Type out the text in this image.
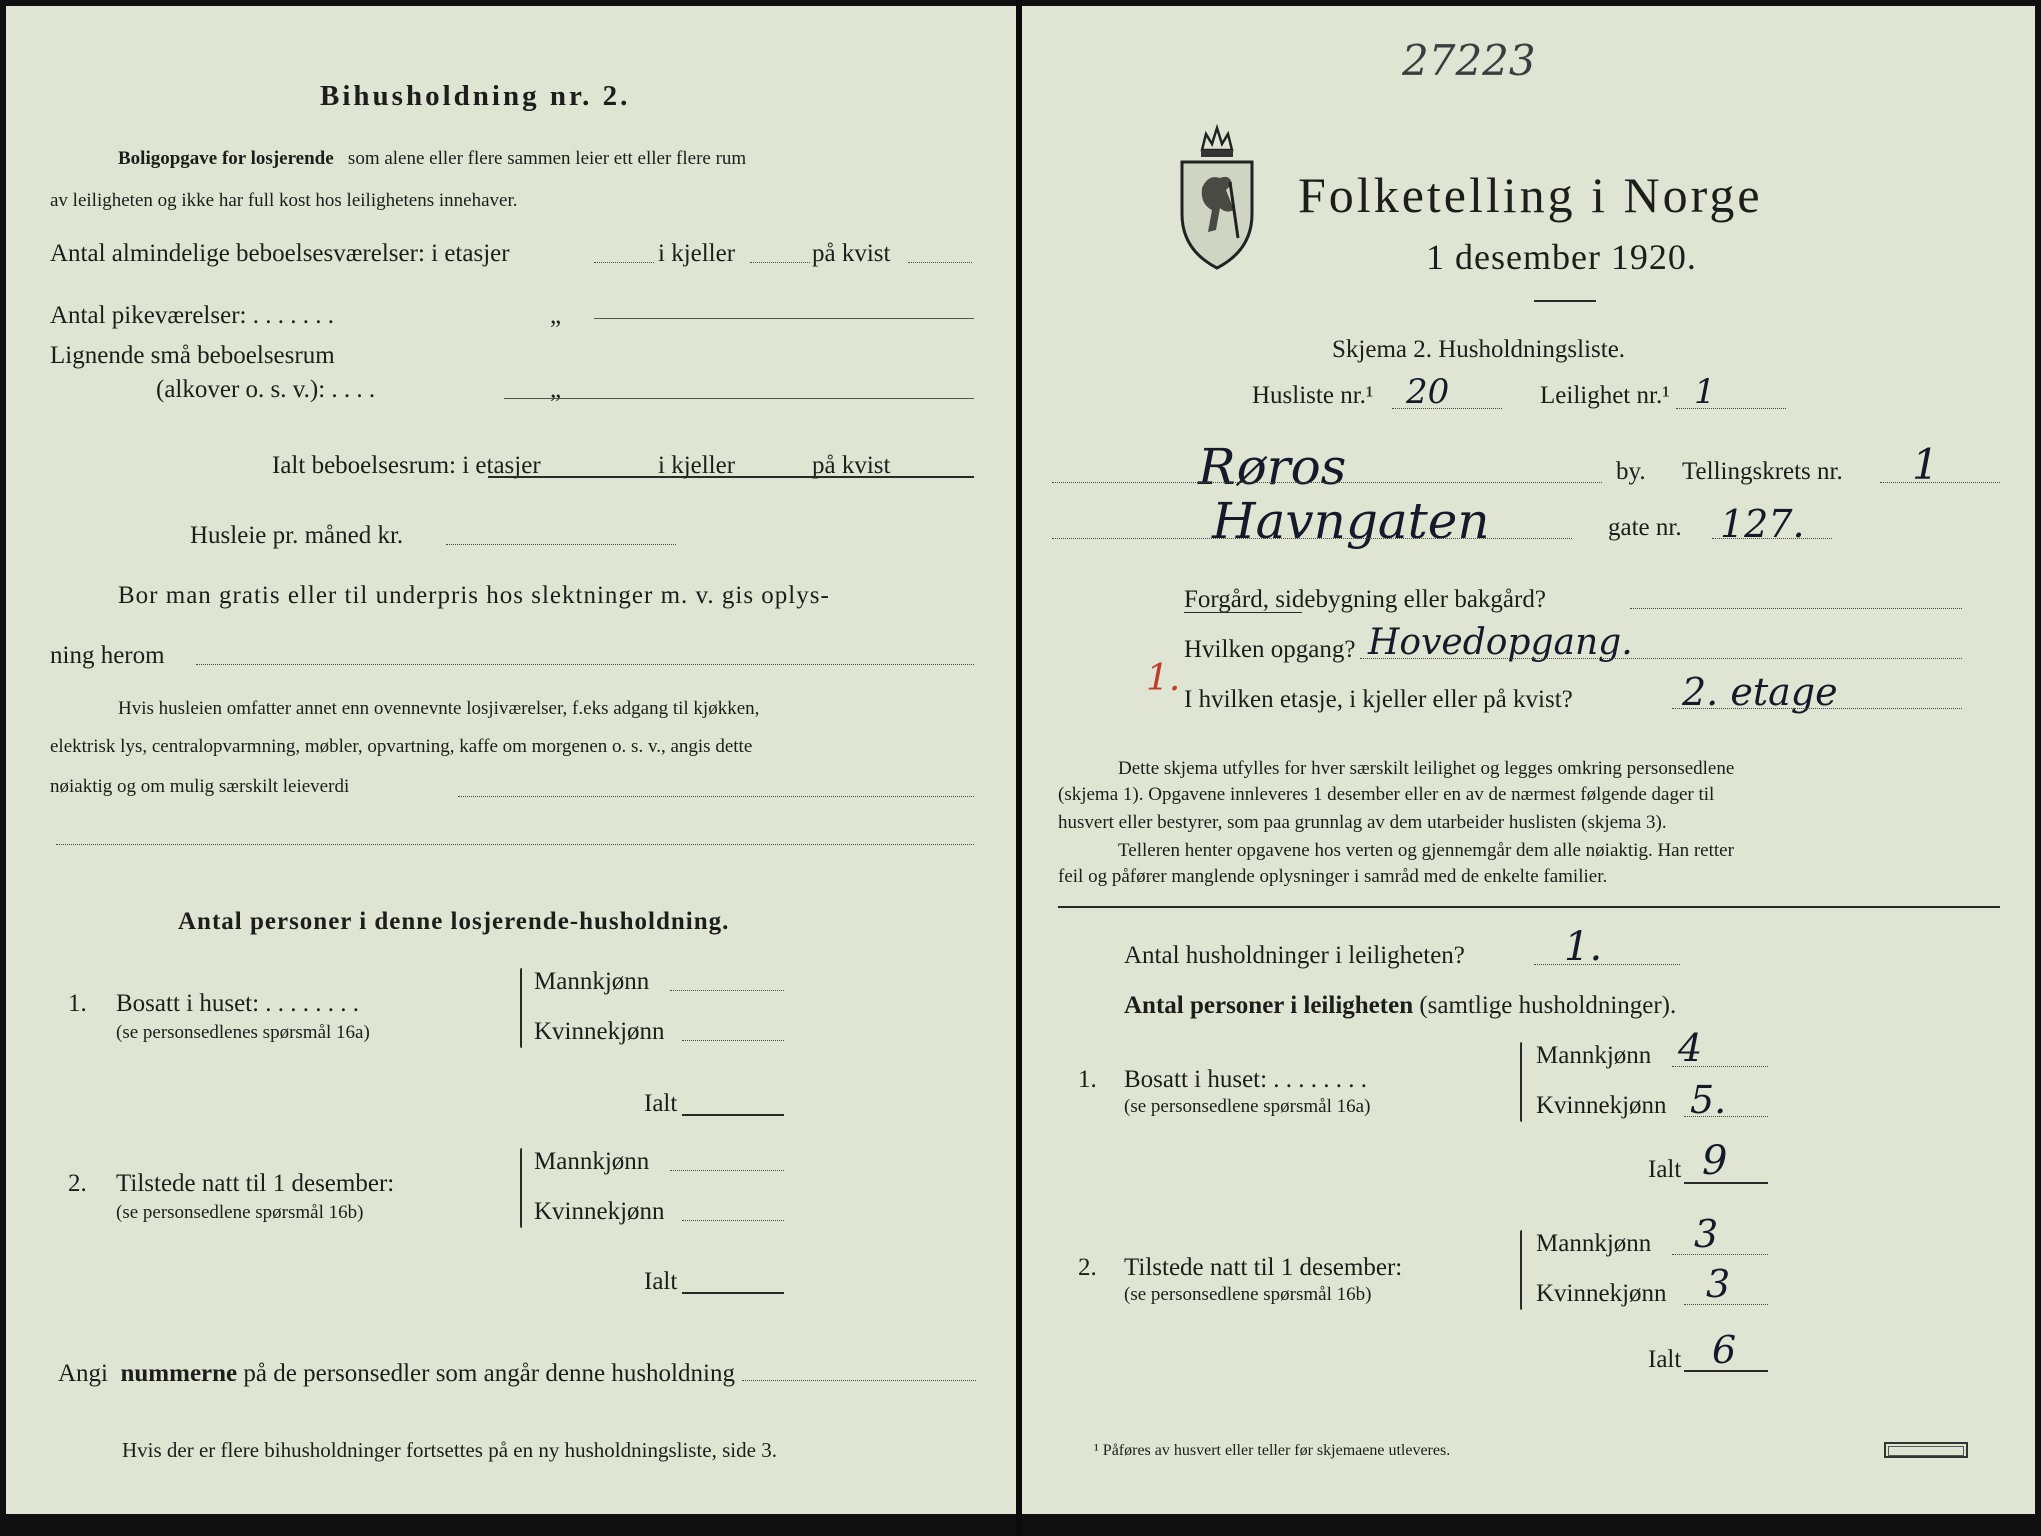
Bihusholdning nr. 2.
Boligopgave for losjerende som alene eller flere sammen leier ett eller flere rum
av leiligheten og ikke har full kost hos leilighetens innehaver.
Antal almindelige beboelsesværelser: i etasjer	i kjeller	på kvist
Antal pikeværelser: . . . . . . .	„
Lignende små beboelsesrum
(alkover o. s. v.): . . . .	„
Ialt beboelsesrum: i etasjer	i kjeller	på kvist
Husleie pr. måned kr.
Bor man gratis eller til underpris hos slektninger m. v. gis oplys-
ning herom
Hvis husleien omfatter annet enn ovennevnte losjiværelser, f.eks adgang til kjøkken,
elektrisk lys, centralopvarmning, møbler, opvartning, kaffe om morgenen o. s. v., angis dette
nøiaktig og om mulig særskilt leieverdi
Antal personer i denne losjerende-husholdning.
1. Bosatt i huset: . . . . . . . .
(se personsedlenes spørsmål 16a)
Mannkjønn
Kvinnekjønn
Ialt
2. Tilstede natt til 1 desember:
(se personsedlene spørsmål 16b)
Mannkjønn
Kvinnekjønn
Ialt
Angi nummerne på de personsedler som angår denne husholdning
Hvis der er flere bihusholdninger fortsettes på en ny husholdningsliste, side 3.
27223
Folketelling i Norge
1 desember 1920.
Skjema 2. Husholdningsliste.
Husliste nr.¹ 20	Leilighet nr.¹ 1
Røros	by. Tellingskrets nr. 1
Havngaten	gate nr. 127.
Forgård, sidebygning eller bakgård?
Hvilken opgang? Hovedopgang.
1.
I hvilken etasje, i kjeller eller på kvist?	2. etage
Dette skjema utfylles for hver særskilt leilighet og legges omkring personsedlene
(skjema 1). Opgavene innleveres 1 desember eller en av de nærmest følgende dager til
husvert eller bestyrer, som paa grunnlag av dem utarbeider huslisten (skjema 3).
Telleren henter opgavene hos verten og gjennemgår dem alle nøiaktig. Han retter
feil og påfører manglende oplysninger i samråd med de enkelte familier.
Antal husholdninger i leiligheten? 1.
Antal personer i leiligheten (samtlige husholdninger).
1. Bosatt i huset: . . . . . . . .
(se personsedlene spørsmål 16a)
Mannkjønn 4
Kvinnekjønn 5.
Ialt 9
2. Tilstede natt til 1 desember:
(se personsedlene spørsmål 16b)
Mannkjønn 3
Kvinnekjønn 3
Ialt 6
¹ Påføres av husvert eller teller før skjemaene utleveres.
